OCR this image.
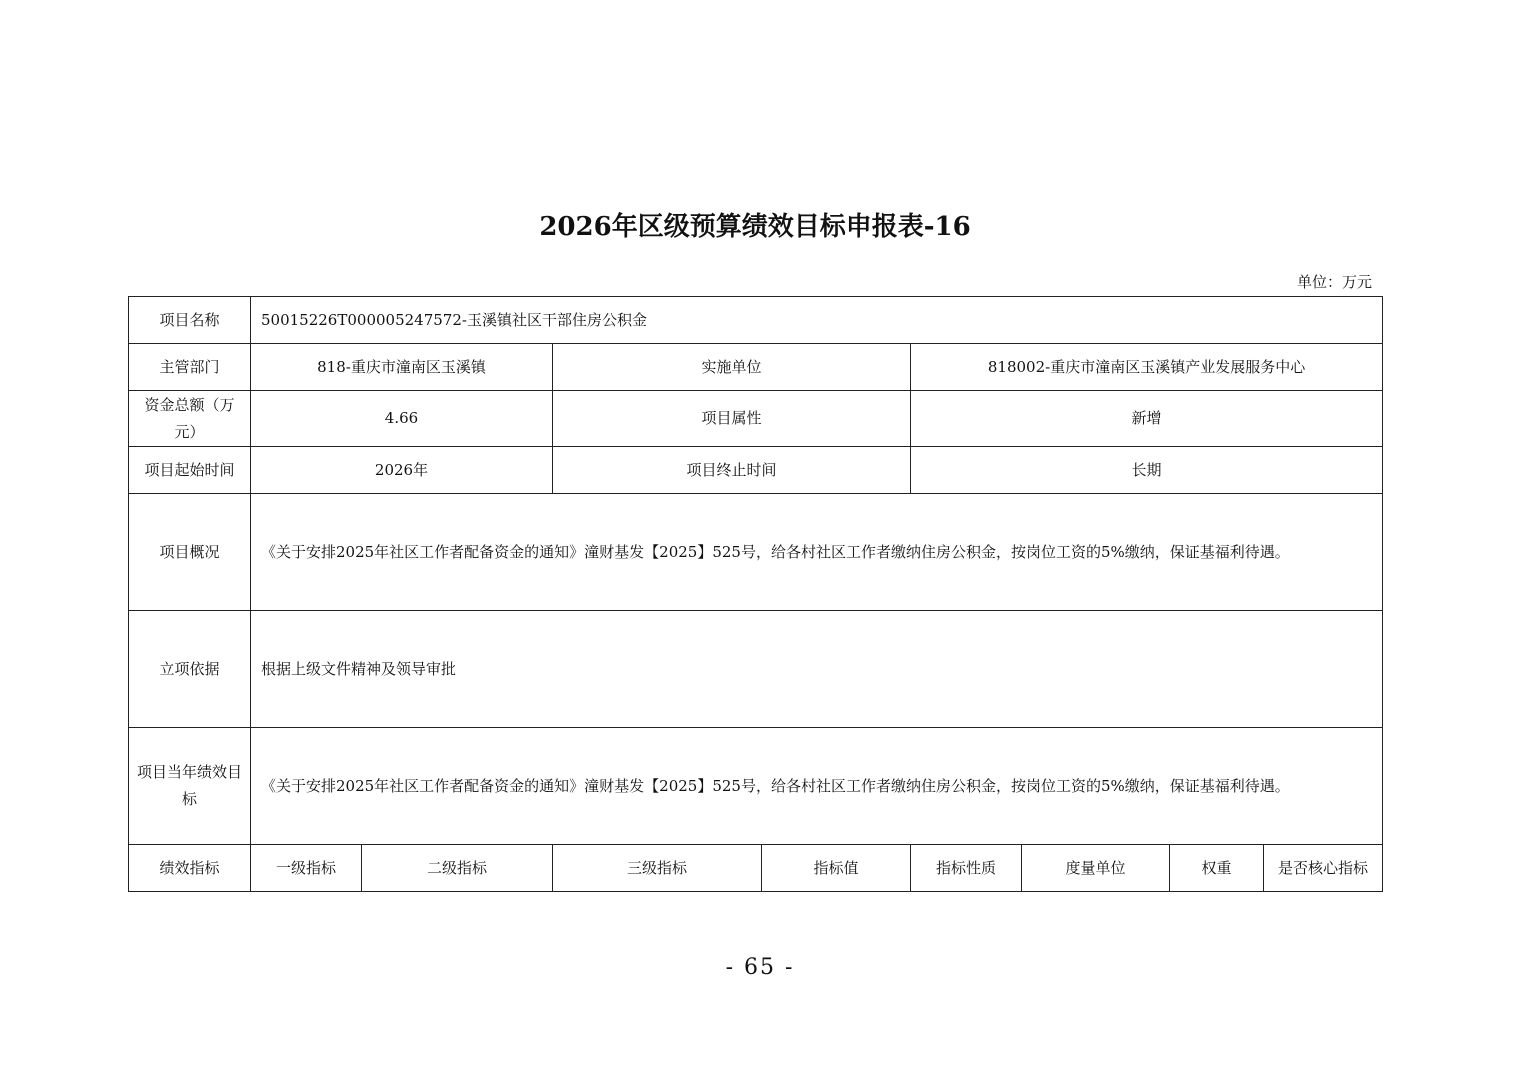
2026年区级预算绩效目标申报表-16
单位：万元
项目名称	50015226T000005247572-玉溪镇社区干部住房公积金							
主管部门	818-重庆市潼南区玉溪镇		实施单位		818002-重庆市潼南区玉溪镇产业发展服务中心			
资金总额（万元）	4.66		项目属性		新增			
项目起始时间	2026年		项目终止时间		长期			
项目概况	《关于安排2025年社区工作者配备资金的通知》潼财基发【2025】525号，给各村社区工作者缴纳住房公积金，按岗位工资的5%缴纳，保证基福利待遇。							
立项依据	根据上级文件精神及领导审批							
项目当年绩效目标	《关于安排2025年社区工作者配备资金的通知》潼财基发【2025】525号，给各村社区工作者缴纳住房公积金，按岗位工资的5%缴纳，保证基福利待遇。							
绩效指标	一级指标	二级指标	三级指标	指标值	指标性质	度量单位	权重	是否核心指标
- 65 -
